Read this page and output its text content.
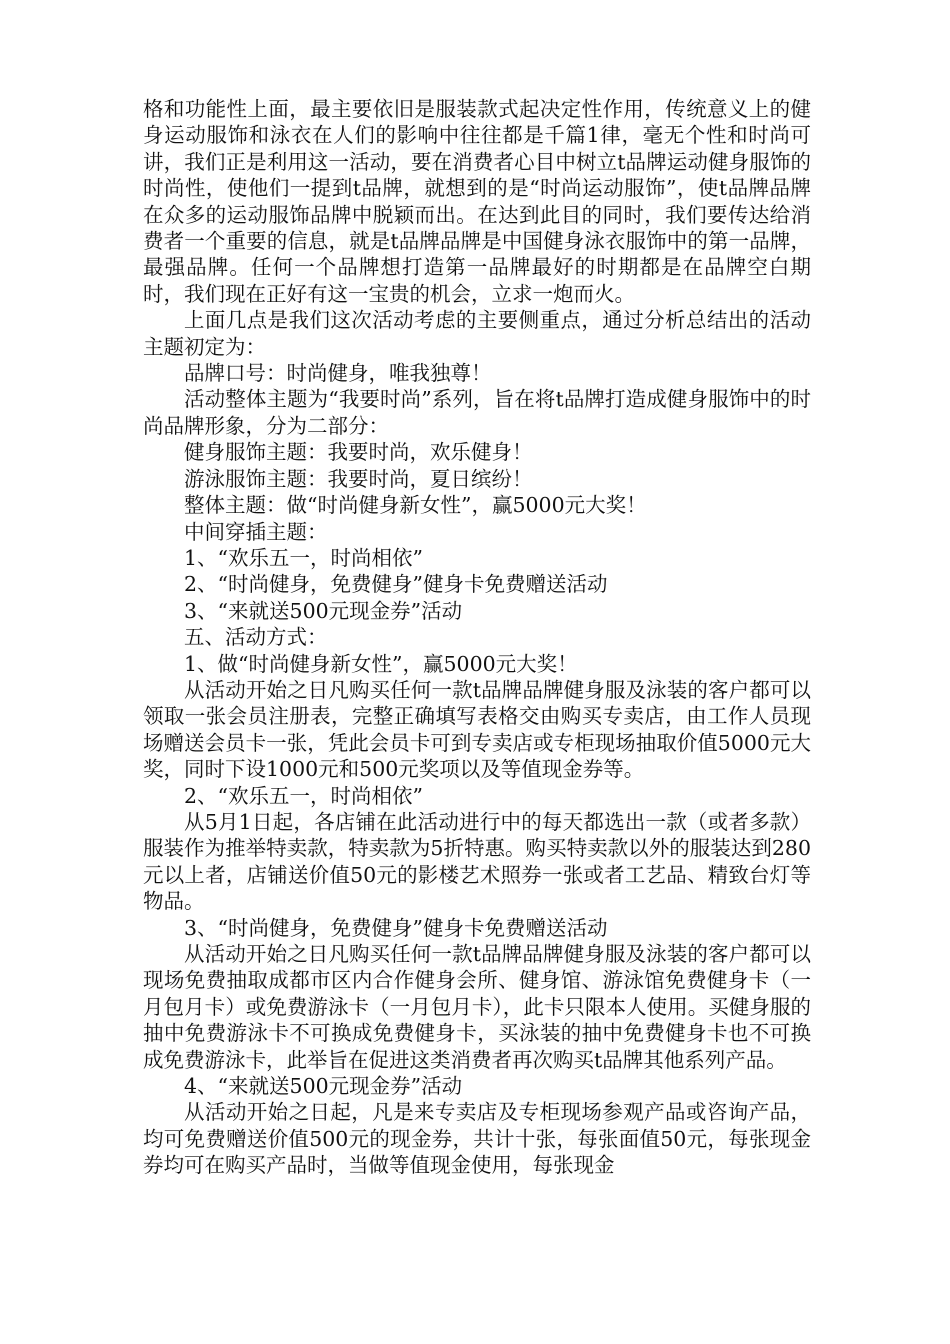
格和功能性上面，最主要依旧是服装款式起决定性作用，传统意义上的健身运动服饰和泳衣在人们的影响中往往都是千篇1律，毫无个性和时尚可讲，我们正是利用这一活动，要在消费者心目中树立t品牌运动健身服饰的时尚性，使他们一提到t品牌，就想到的是“时尚运动服饰”，使t品牌品牌在众多的运动服饰品牌中脱颖而出。在达到此目的同时，我们要传达给消费者一个重要的信息，就是t品牌品牌是中国健身泳衣服饰中的第一品牌，最强品牌。任何一个品牌想打造第一品牌最好的时期都是在品牌空白期时，我们现在正好有这一宝贵的机会，立求一炮而火。

上面几点是我们这次活动考虑的主要侧重点，通过分析总结出的活动主题初定为：

品牌口号：时尚健身，唯我独尊！

活动整体主题为“我要时尚”系列，旨在将t品牌打造成健身服饰中的时尚品牌形象，分为二部分：

健身服饰主题：我要时尚，欢乐健身！

游泳服饰主题：我要时尚，夏日缤纷！

整体主题：做“时尚健身新女性”，赢5000元大奖！

中间穿插主题：

1、“欢乐五一，时尚相依”

2、“时尚健身，免费健身”健身卡免费赠送活动

3、“来就送500元现金券”活动

五、活动方式：

1、做“时尚健身新女性”，赢5000元大奖！

从活动开始之日凡购买任何一款t品牌品牌健身服及泳装的客户都可以领取一张会员注册表，完整正确填写表格交由购买专卖店，由工作人员现场赠送会员卡一张，凭此会员卡可到专卖店或专柜现场抽取价值5000元大奖，同时下设1000元和500元奖项以及等值现金券等。

2、“欢乐五一，时尚相依”

从5月1日起，各店铺在此活动进行中的每天都选出一款（或者多款）服装作为推举特卖款，特卖款为5折特惠。购买特卖款以外的服装达到280元以上者，店铺送价值50元的影楼艺术照券一张或者工艺品、精致台灯等物品。

3、“时尚健身，免费健身”健身卡免费赠送活动

从活动开始之日凡购买任何一款t品牌品牌健身服及泳装的客户都可以现场免费抽取成都市区内合作健身会所、健身馆、游泳馆免费健身卡（一月包月卡）或免费游泳卡（一月包月卡），此卡只限本人使用。买健身服的抽中免费游泳卡不可换成免费健身卡，买泳装的抽中免费健身卡也不可换成免费游泳卡，此举旨在促进这类消费者再次购买t品牌其他系列产品。

4、“来就送500元现金券”活动

从活动开始之日起，凡是来专卖店及专柜现场参观产品或咨询产品，均可免费赠送价值500元的现金券，共计十张，每张面值50元，每张现金券均可在购买产品时，当做等值现金使用，每张现金
